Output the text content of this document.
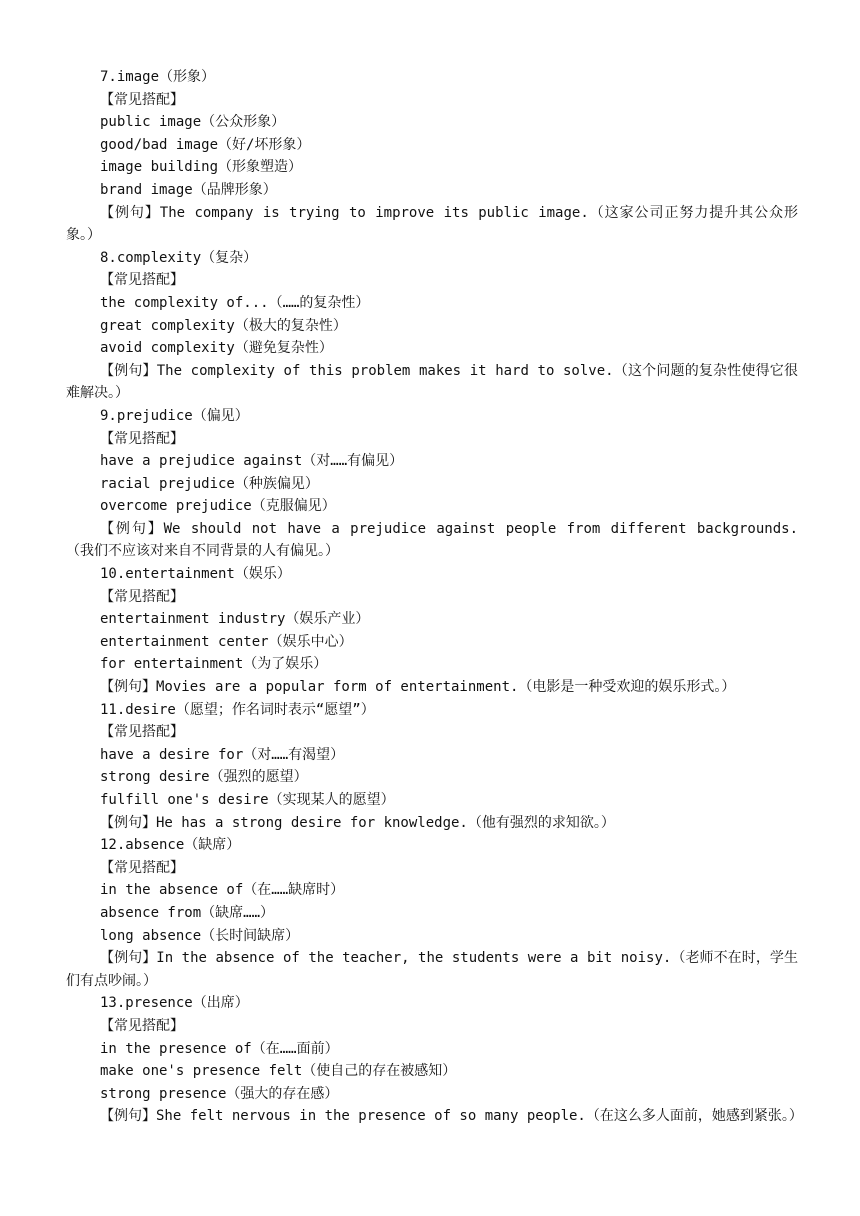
7.image（形象）
【常见搭配】
public image（公众形象）
good/bad image（好/坏形象）
image building（形象塑造）
brand image（品牌形象）
【例句】The company is trying to improve its public image.（这家公司正努力提升其公众形象。）
8.complexity（复杂）
【常见搭配】
the complexity of...（……的复杂性）
great complexity（极大的复杂性）
avoid complexity（避免复杂性）
【例句】The complexity of this problem makes it hard to solve.（这个问题的复杂性使得它很难解决。）
9.prejudice（偏见）
【常见搭配】
have a prejudice against（对……有偏见）
racial prejudice（种族偏见）
overcome prejudice（克服偏见）
【例句】We should not have a prejudice against people from different backgrounds.（我们不应该对来自不同背景的人有偏见。）
10.entertainment（娱乐）
【常见搭配】
entertainment industry（娱乐产业）
entertainment center（娱乐中心）
for entertainment（为了娱乐）
【例句】Movies are a popular form of entertainment.（电影是一种受欢迎的娱乐形式。）
11.desire（愿望；作名词时表示“愿望”）
【常见搭配】
have a desire for（对……有渴望）
strong desire（强烈的愿望）
fulfill one's desire（实现某人的愿望）
【例句】He has a strong desire for knowledge.（他有强烈的求知欲。）
12.absence（缺席）
【常见搭配】
in the absence of（在……缺席时）
absence from（缺席……）
long absence（长时间缺席）
【例句】In the absence of the teacher, the students were a bit noisy.（老师不在时，学生们有点吵闹。）
13.presence（出席）
【常见搭配】
in the presence of（在……面前）
make one's presence felt（使自己的存在被感知）
strong presence（强大的存在感）
【例句】She felt nervous in the presence of so many people.（在这么多人面前，她感到紧张。）
